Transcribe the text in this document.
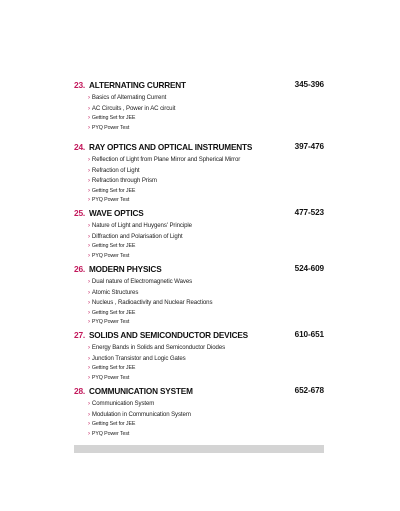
23. ALTERNATING CURRENT	345-396
› Basics of Alternating Current
› AC Circuits , Power in AC circuit
› Getting Set for JEE
› PYQ Power Test
24. RAY OPTICS AND OPTICAL INSTRUMENTS	397-476
› Reflection of Light from Plane Mirror and Spherical Mirror
› Refraction of Light
› Refraction through Prism
› Getting Set for JEE
› PYQ Power Test
25. WAVE OPTICS	477-523
› Nature of Light and Huygens' Principle
› Diffraction and Polarisation of Light
› Getting Set for JEE
› PYQ Power Test
26. MODERN PHYSICS	524-609
› Dual nature of Electromagnetic Waves
› Atomic Structures
› Nucleus , Radioactivity and Nuclear Reactions
› Getting Set for JEE
› PYQ Power Test
27. SOLIDS AND SEMICONDUCTOR DEVICES	610-651
› Energy Bands in Solids and Semiconductor Diodes
› Junction Transistor and Logic Gates
› Getting Set for JEE
› PYQ Power Test
28. COMMUNICATION SYSTEM	652-678
› Communication System
› Modulation in Communication System
› Getting Set for JEE
› PYQ Power Test
